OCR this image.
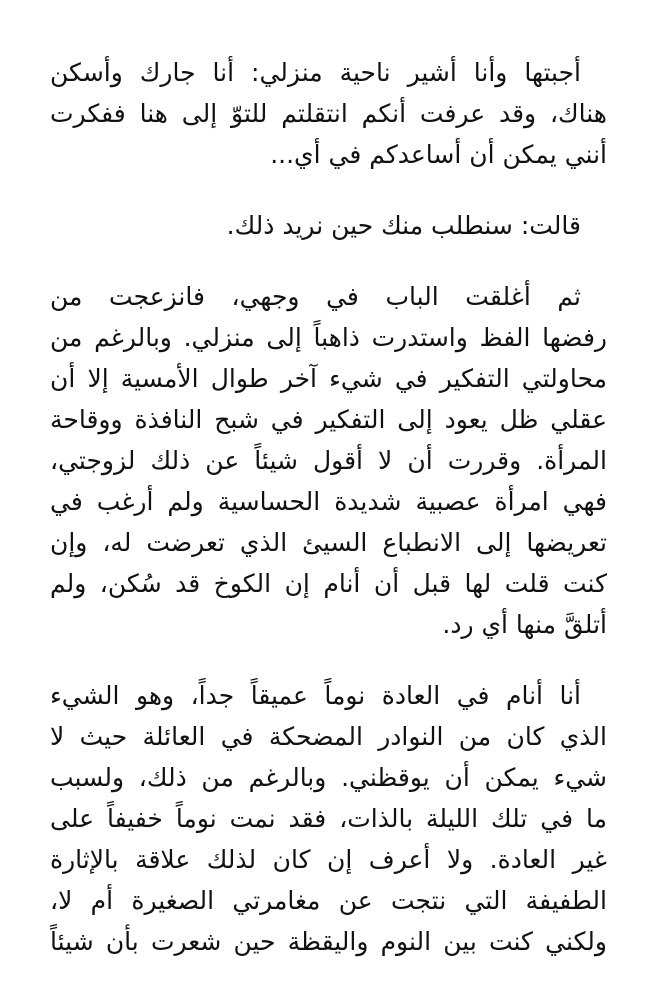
أجبتها وأنا أشير ناحية منزلي: أنا جارك وأسكن
هناك، وقد عرفت أنكم انتقلتم للتوّ إلى هنا ففكرت
أنني يمكن أن أساعدكم في أي...
قالت: سنطلب منك حين نريد ذلك.
ثم أغلقت الباب في وجهي، فانزعجت من
رفضها الفظ واستدرت ذاهباً إلى منزلي. وبالرغم من
محاولتي التفكير في شيء آخر طوال الأمسية إلا أن
عقلي ظل يعود إلى التفكير في شبح النافذة ووقاحة
المرأة. وقررت أن لا أقول شيئاً عن ذلك لزوجتي،
فهي امرأة عصبية شديدة الحساسية ولم أرغب في
تعريضها إلى الانطباع السيئ الذي تعرضت له، وإن
كنت قلت لها قبل أن أنام إن الكوخ قد سُكن، ولم
أتلقَّ منها أي رد.
أنا أنام في العادة نوماً عميقاً جداً، وهو الشيء
الذي كان من النوادر المضحكة في العائلة حيث لا
شيء يمكن أن يوقظني. وبالرغم من ذلك، ولسبب
ما في تلك الليلة بالذات، فقد نمت نوماً خفيفاً على
غير العادة. ولا أعرف إن كان لذلك علاقة بالإثارة
الطفيفة التي نتجت عن مغامرتي الصغيرة أم لا،
ولكني كنت بين النوم واليقظة حين شعرت بأن شيئاً
